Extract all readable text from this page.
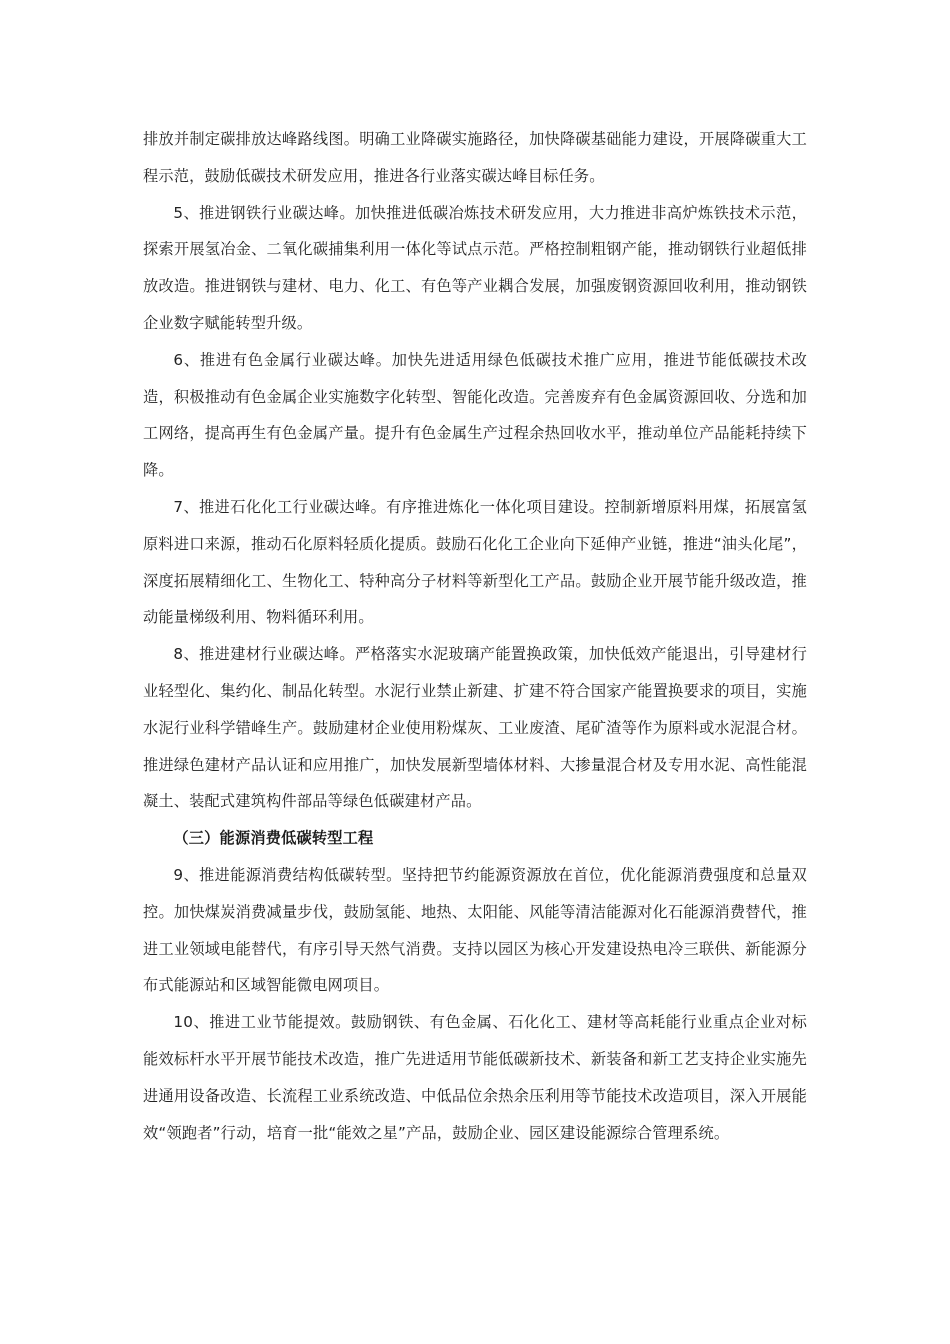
排放并制定碳排放达峰路线图。明确工业降碳实施路径，加快降碳基础能力建设，开展降碳重大工程示范，鼓励低碳技术研发应用，推进各行业落实碳达峰目标任务。

5、推进钢铁行业碳达峰。加快推进低碳冶炼技术研发应用，大力推进非高炉炼铁技术示范，探索开展氢冶金、二氧化碳捕集利用一体化等试点示范。严格控制粗钢产能，推动钢铁行业超低排放改造。推进钢铁与建材、电力、化工、有色等产业耦合发展，加强废钢资源回收利用，推动钢铁企业数字赋能转型升级。

6、推进有色金属行业碳达峰。加快先进适用绿色低碳技术推广应用，推进节能低碳技术改造，积极推动有色金属企业实施数字化转型、智能化改造。完善废弃有色金属资源回收、分选和加工网络，提高再生有色金属产量。提升有色金属生产过程余热回收水平，推动单位产品能耗持续下降。

7、推进石化化工行业碳达峰。有序推进炼化一体化项目建设。控制新增原料用煤，拓展富氢原料进口来源，推动石化原料轻质化提质。鼓励石化化工企业向下延伸产业链，推进“油头化尾”，深度拓展精细化工、生物化工、特种高分子材料等新型化工产品。鼓励企业开展节能升级改造，推动能量梯级利用、物料循环利用。

8、推进建材行业碳达峰。严格落实水泥玻璃产能置换政策，加快低效产能退出，引导建材行业轻型化、集约化、制品化转型。水泥行业禁止新建、扩建不符合国家产能置换要求的项目，实施水泥行业科学错峰生产。鼓励建材企业使用粉煤灰、工业废渣、尾矿渣等作为原料或水泥混合材。推进绿色建材产品认证和应用推广，加快发展新型墙体材料、大掺量混合材及专用水泥、高性能混凝土、装配式建筑构件部品等绿色低碳建材产品。

（三）能源消费低碳转型工程

9、推进能源消费结构低碳转型。坚持把节约能源资源放在首位，优化能源消费强度和总量双控。加快煤炭消费减量步伐，鼓励氢能、地热、太阳能、风能等清洁能源对化石能源消费替代，推进工业领域电能替代，有序引导天然气消费。支持以园区为核心开发建设热电冷三联供、新能源分布式能源站和区域智能微电网项目。

10、推进工业节能提效。鼓励钢铁、有色金属、石化化工、建材等高耗能行业重点企业对标能效标杆水平开展节能技术改造，推广先进适用节能低碳新技术、新装备和新工艺支持企业实施先进通用设备改造、长流程工业系统改造、中低品位余热余压利用等节能技术改造项目，深入开展能效“领跑者”行动，培育一批“能效之星”产品，鼓励企业、园区建设能源综合管理系统。
